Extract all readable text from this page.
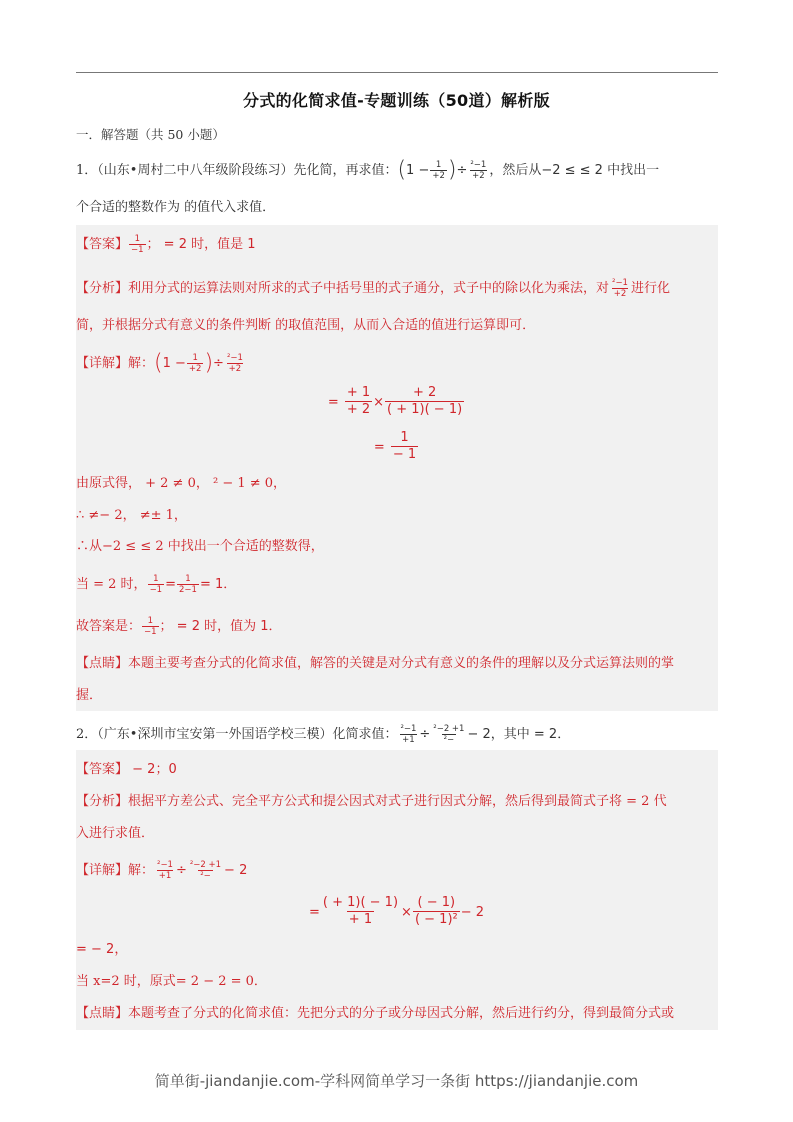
分式的化简求值-专题训练（50道）解析版
一．解答题（共 50 小题）
1．（山东•周村二中八年级阶段练习）先化简，再求值：($1 - \frac{1}{+2}$ )÷ $\frac{\text{²−1}}{+2}$ ，然后从−2 ≤ ≤ 2 中找出一
个合适的整数作为 的值代入求值．
【答案】 $\frac{1}{-1}$ ； = 2 时，值是 1
【分析】利用分式的运算法则对所求的式子中括号里的式子通分，式子中的除以化为乘法，对 $\frac{\text{²−1}}{+2}$ 进行化
简，并根据分式有意义的条件判断 的取值范围，从而入合适的值进行运算即可．
【详解】解：($1 - \frac{1}{+2}$ )÷ $\frac{\text{²−1}}{+2}$
= $\frac{+ 1}{+ 2} \times \frac{+ 2}{( + 1)( - 1)}$
= $\frac{1}{- 1}$
由原式得， + 2 ≠ 0， ² − 1 ≠ 0，
∴ ≠− 2， ≠± 1，
∴从−2 ≤ ≤ 2 中找出一个合适的整数得，
当 = 2 时， $\frac{1}{-1} = \frac{1}{2-1} = 1$．
故答案是： $\frac{1}{-1}$ ； = 2 时，值为 1．
【点睛】本题主要考查分式的化简求值，解答的关键是对分式有意义的条件的理解以及分式运算法则的掌
握．
2．（广东•深圳市宝安第一外国语学校三模）化简求值： $\frac{\text{²−1}}{+1} \div \frac{\text{²−2 +1}}{\text{²−}} - 2$，其中 = 2．
【答案】 − 2；0
【分析】根据平方差公式、完全平方公式和提公因式对式子进行因式分解，然后得到最简式子将 = 2 代
入进行求值．
【详解】解： $\frac{\text{²−1}}{+1} \div \frac{\text{²−2 +1}}{\text{²−}} - 2$
= $\frac{( + 1)( - 1)}{+ 1} \times \frac{( - 1)}{\text{( − 1)²}} - 2$
= − 2，
当 x=2 时，原式= 2 − 2 = 0．
【点睛】本题考查了分式的化简求值：先把分式的分子或分母因式分解，然后进行约分，得到最简分式或
简单街-jiandanjie.com-学科网简单学习一条街 https://jiandanjie.com
